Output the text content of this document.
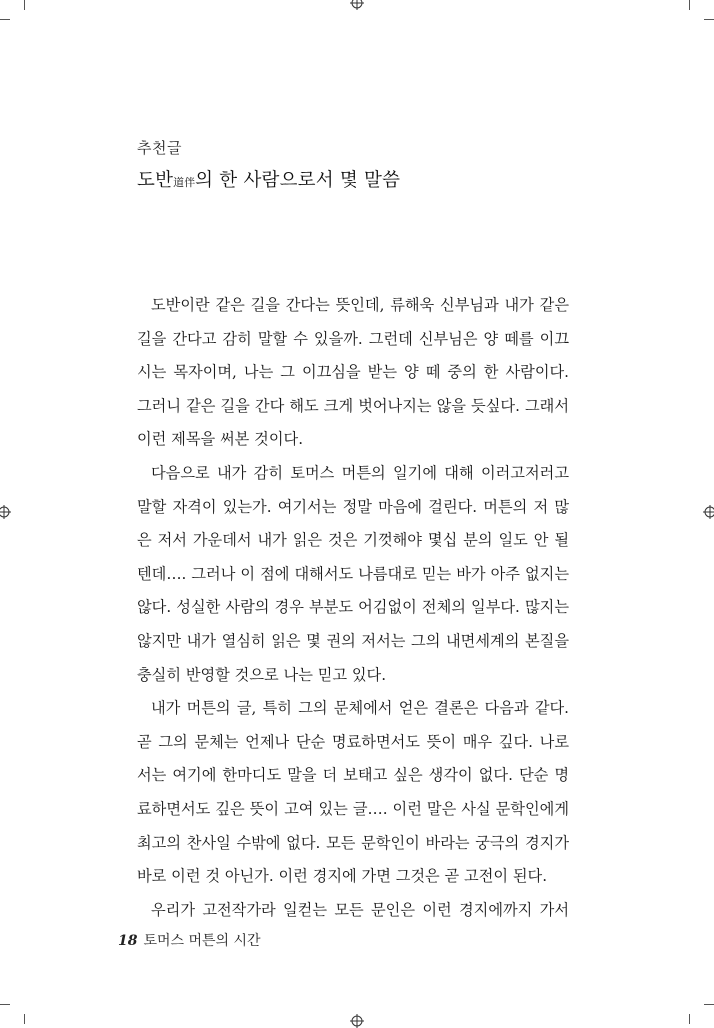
추천글
도반道伴의 한 사람으로서 몇 말씀
도반이란 같은 길을 간다는 뜻인데, 류해욱 신부님과 내가 같은
길을 간다고 감히 말할 수 있을까. 그런데 신부님은 양 떼를 이끄
시는 목자이며, 나는 그 이끄심을 받는 양 떼 중의 한 사람이다.
그러니 같은 길을 간다 해도 크게 벗어나지는 않을 듯싶다. 그래서
이런 제목을 써본 것이다.
다음으로 내가 감히 토머스 머튼의 일기에 대해 이러고저러고
말할 자격이 있는가. 여기서는 정말 마음에 걸린다. 머튼의 저 많
은 저서 가운데서 내가 읽은 것은 기껏해야 몇십 분의 일도 안 될
텐데…. 그러나 이 점에 대해서도 나름대로 믿는 바가 아주 없지는
않다. 성실한 사람의 경우 부분도 어김없이 전체의 일부다. 많지는
않지만 내가 열심히 읽은 몇 권의 저서는 그의 내면세계의 본질을
충실히 반영할 것으로 나는 믿고 있다.
내가 머튼의 글, 특히 그의 문체에서 얻은 결론은 다음과 같다.
곧 그의 문체는 언제나 단순 명료하면서도 뜻이 매우 깊다. 나로
서는 여기에 한마디도 말을 더 보태고 싶은 생각이 없다. 단순 명
료하면서도 깊은 뜻이 고여 있는 글…. 이런 말은 사실 문학인에게
최고의 찬사일 수밖에 없다. 모든 문학인이 바라는 궁극의 경지가
바로 이런 것 아닌가. 이런 경지에 가면 그것은 곧 고전이 된다.
우리가 고전작가라 일컫는 모든 문인은 이런 경지에까지 가서
18 토머스 머튼의 시간
